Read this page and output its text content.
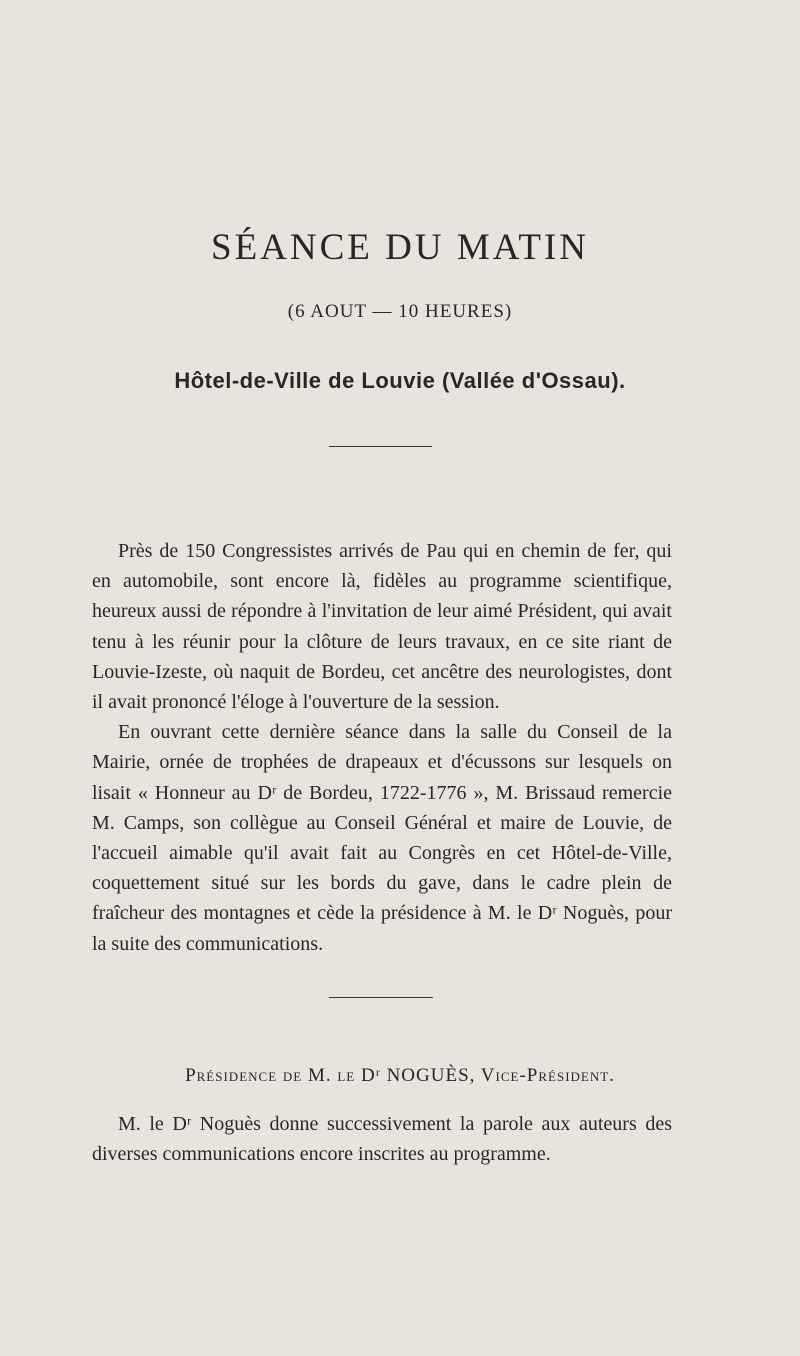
SÉANCE DU MATIN
(6 AOUT — 10 HEURES)
Hôtel-de-Ville de Louvie (Vallée d'Ossau).

Près de 150 Congressistes arrivés de Pau qui en chemin de fer, qui en automobile, sont encore là, fidèles au programme scientifique, heureux aussi de répondre à l'invitation de leur aimé Président, qui avait tenu à les réunir pour la clôture de leurs travaux, en ce site riant de Louvie-Izeste, où naquit de Bordeu, cet ancêtre des neurologistes, dont il avait prononcé l'éloge à l'ouverture de la session.

En ouvrant cette dernière séance dans la salle du Conseil de la Mairie, ornée de trophées de drapeaux et d'écussons sur lesquels on lisait « Honneur au Dʳ de Bordeu, 1722-1776 », M. Brissaud remercie M. Camps, son collègue au Conseil Général et maire de Louvie, de l'accueil aimable qu'il avait fait au Congrès en cet Hôtel-de-Ville, coquettement situé sur les bords du gave, dans le cadre plein de fraîcheur des montagnes et cède la présidence à M. le Dʳ Noguès, pour la suite des communications.

Présidence de M. le Dʳ NOGUÈS, Vice-Président.

M. le Dʳ Noguès donne successivement la parole aux auteurs des diverses communications encore inscrites au programme.
